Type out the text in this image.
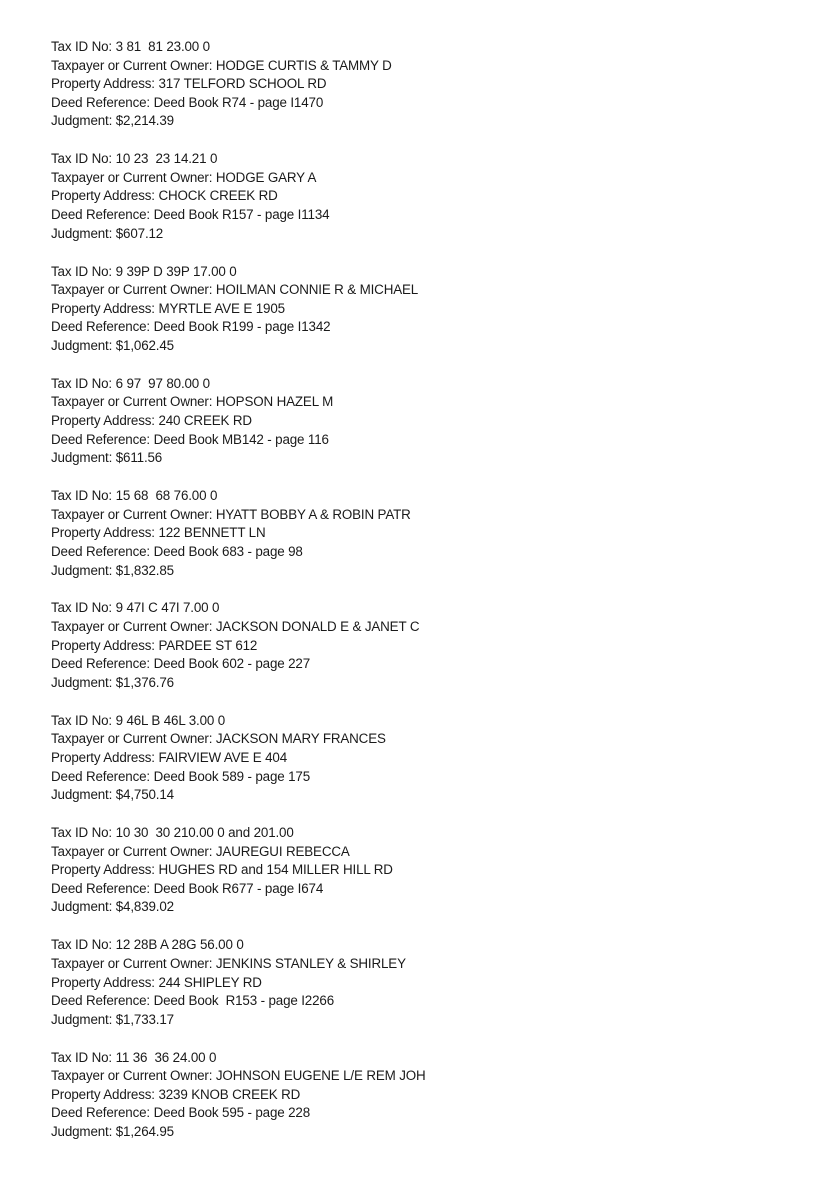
Tax ID No: 3 81  81 23.00 0
Taxpayer or Current Owner: HODGE CURTIS & TAMMY D
Property Address: 317 TELFORD SCHOOL RD
Deed Reference: Deed Book R74 - page I1470
Judgment: $2,214.39
Tax ID No: 10 23  23 14.21 0
Taxpayer or Current Owner: HODGE GARY A
Property Address: CHOCK CREEK RD
Deed Reference: Deed Book R157 - page I1134
Judgment: $607.12
Tax ID No: 9 39P D 39P 17.00 0
Taxpayer or Current Owner: HOILMAN CONNIE R & MICHAEL
Property Address: MYRTLE AVE E 1905
Deed Reference: Deed Book R199 - page I1342
Judgment: $1,062.45
Tax ID No: 6 97  97 80.00 0
Taxpayer or Current Owner: HOPSON HAZEL M
Property Address: 240 CREEK RD
Deed Reference: Deed Book MB142 - page 116
Judgment: $611.56
Tax ID No: 15 68  68 76.00 0
Taxpayer or Current Owner: HYATT BOBBY A & ROBIN PATR
Property Address: 122 BENNETT LN
Deed Reference: Deed Book 683 - page 98
Judgment: $1,832.85
Tax ID No: 9 47I C 47I 7.00 0
Taxpayer or Current Owner: JACKSON DONALD E & JANET C
Property Address: PARDEE ST 612
Deed Reference: Deed Book 602 - page 227
Judgment: $1,376.76
Tax ID No: 9 46L B 46L 3.00 0
Taxpayer or Current Owner: JACKSON MARY FRANCES
Property Address: FAIRVIEW AVE E 404
Deed Reference: Deed Book 589 - page 175
Judgment: $4,750.14
Tax ID No: 10 30  30 210.00 0 and 201.00
Taxpayer or Current Owner: JAUREGUI REBECCA
Property Address: HUGHES RD and 154 MILLER HILL RD
Deed Reference: Deed Book R677 - page I674
Judgment: $4,839.02
Tax ID No: 12 28B A 28G 56.00 0
Taxpayer or Current Owner: JENKINS STANLEY & SHIRLEY
Property Address: 244 SHIPLEY RD
Deed Reference: Deed Book  R153 - page I2266
Judgment: $1,733.17
Tax ID No: 11 36  36 24.00 0
Taxpayer or Current Owner: JOHNSON EUGENE L/E REM JOH
Property Address: 3239 KNOB CREEK RD
Deed Reference: Deed Book 595 - page 228
Judgment: $1,264.95
